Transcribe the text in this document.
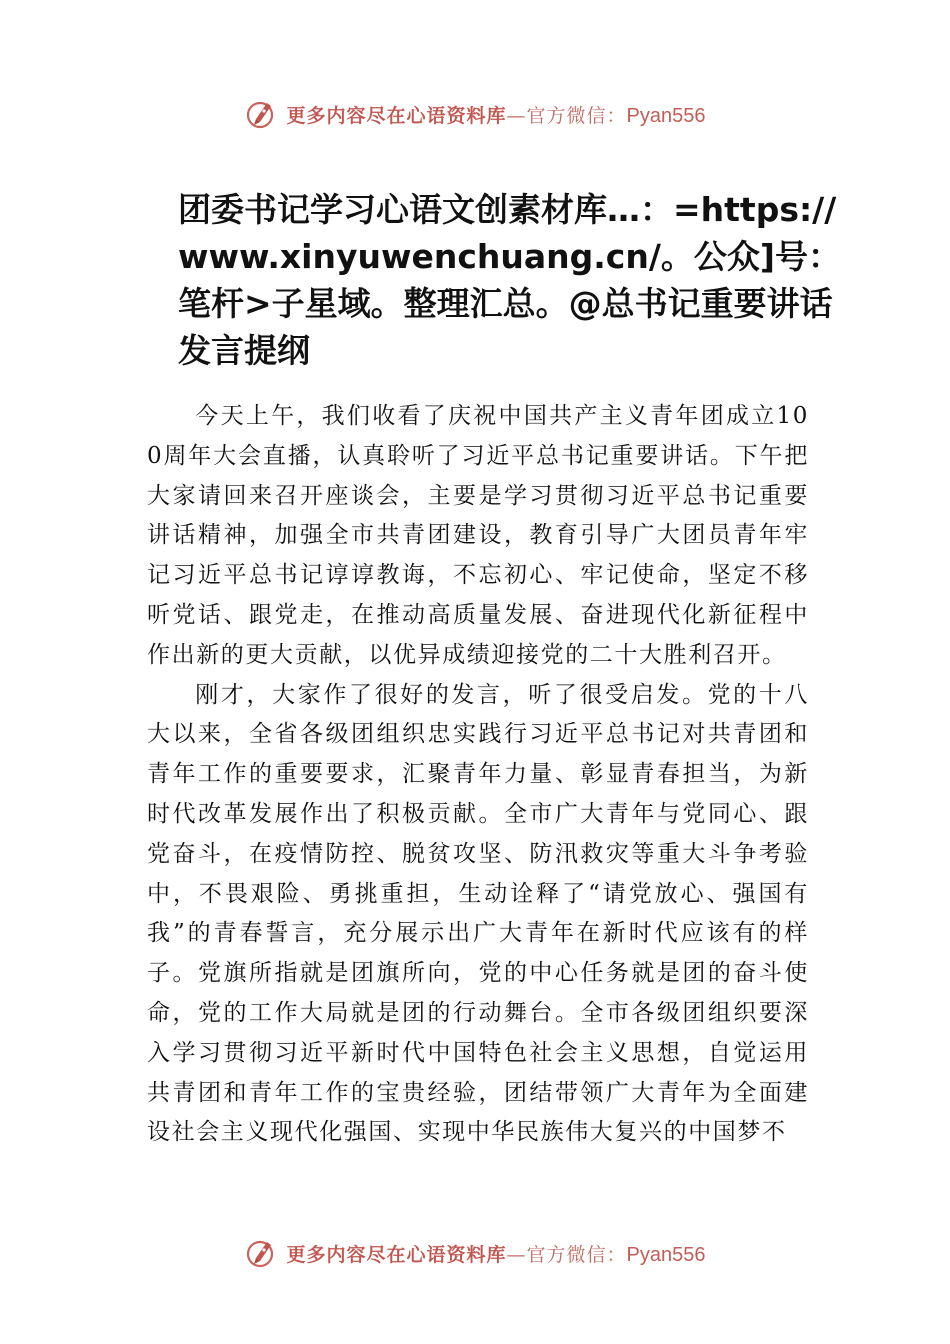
更多内容尽在心语资料库—官方微信：Pyan556
团委书记学习心语文创素材库…：=https://www.xinyuwenchuang.cn/。公众]号：笔杆>子星域。整理汇总。@总书记重要讲话发言提纲

今天上午，我们收看了庆祝中国共产主义青年团成立100周年大会直播，认真聆听了习近平总书记重要讲话。下午把大家请回来召开座谈会，主要是学习贯彻习近平总书记重要讲话精神，加强全市共青团建设，教育引导广大团员青年牢记习近平总书记谆谆教诲，不忘初心、牢记使命，坚定不移听党话、跟党走，在推动高质量发展、奋进现代化新征程中作出新的更大贡献，以优异成绩迎接党的二十大胜利召开。

刚才，大家作了很好的发言，听了很受启发。党的十八大以来，全省各级团组织忠实践行习近平总书记对共青团和青年工作的重要要求，汇聚青年力量、彰显青春担当，为新时代改革发展作出了积极贡献。全市广大青年与党同心、跟党奋斗，在疫情防控、脱贫攻坚、防汛救灾等重大斗争考验中，不畏艰险、勇挑重担，生动诠释了“请党放心、强国有我”的青春誓言，充分展示出广大青年在新时代应该有的样子。党旗所指就是团旗所向，党的中心任务就是团的奋斗使命，党的工作大局就是团的行动舞台。全市各级团组织要深入学习贯彻习近平新时代中国特色社会主义思想，自觉运用共青团和青年工作的宝贵经验，团结带领广大青年为全面建设社会主义现代化强国、实现中华民族伟大复兴的中国梦不

更多内容尽在心语资料库—官方微信：Pyan556
